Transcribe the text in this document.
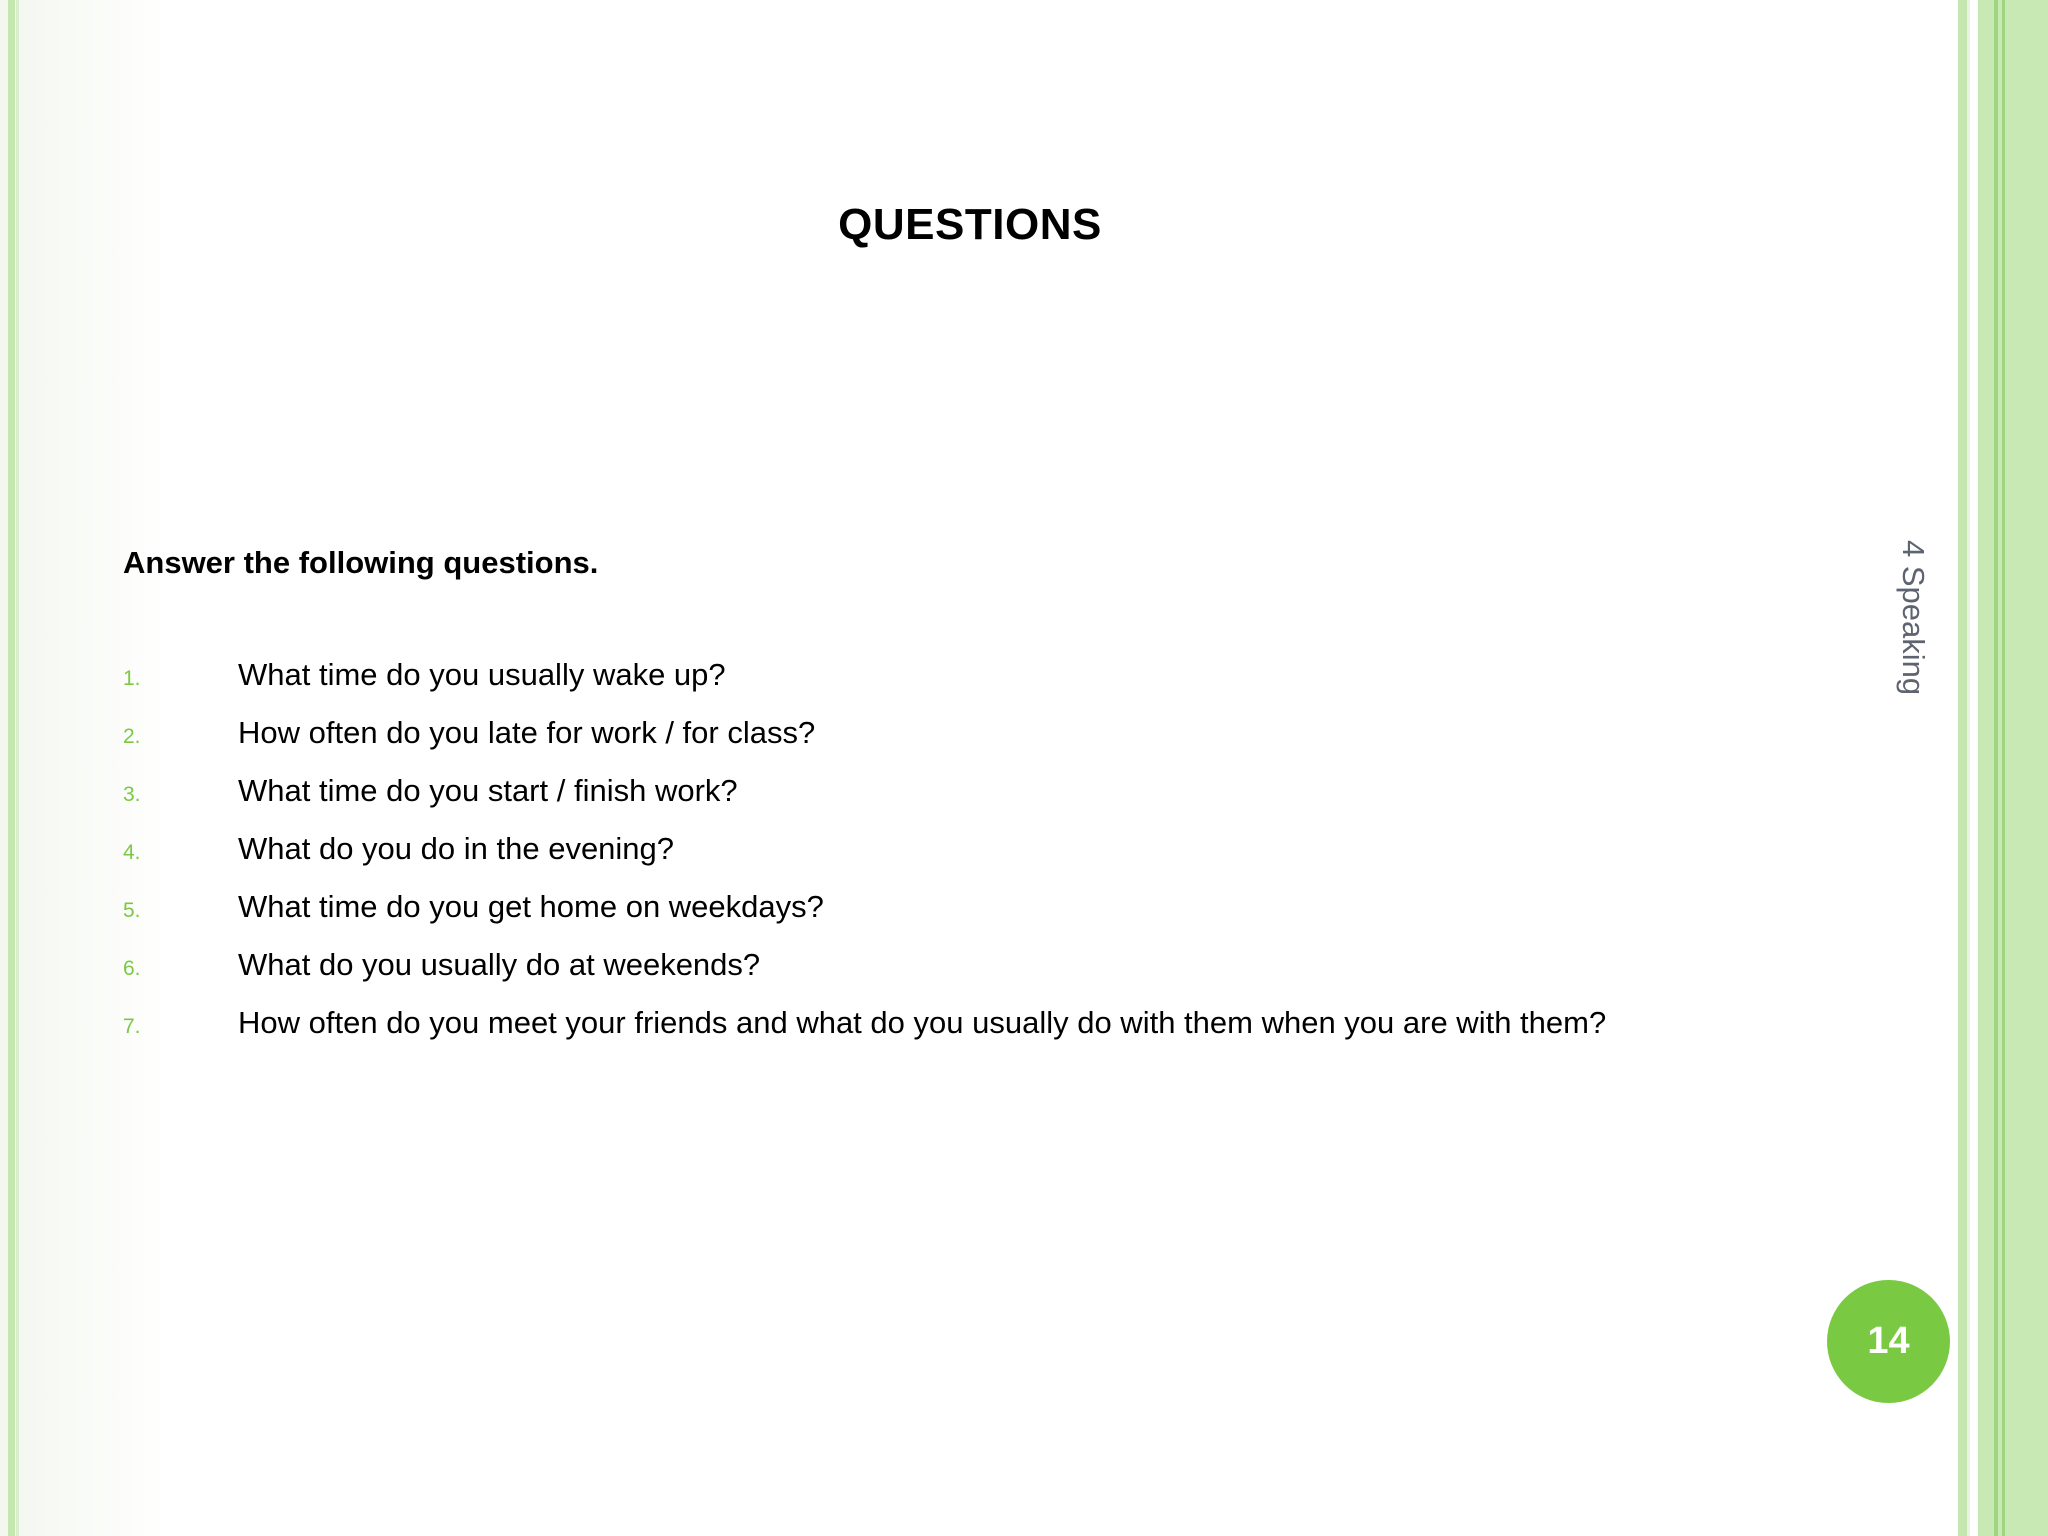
QUESTIONS
Answer the following questions.
1.	What time do you usually wake up?
2.	How often do you late for work / for class?
3.	What time do you start / finish work?
4.	What do you do in the evening?
5.	What time do you get home on weekdays?
6.	What do you usually do at weekends?
7.	How often do you meet your friends and what do you usually do with them when you are with them?
4 Speaking
14
